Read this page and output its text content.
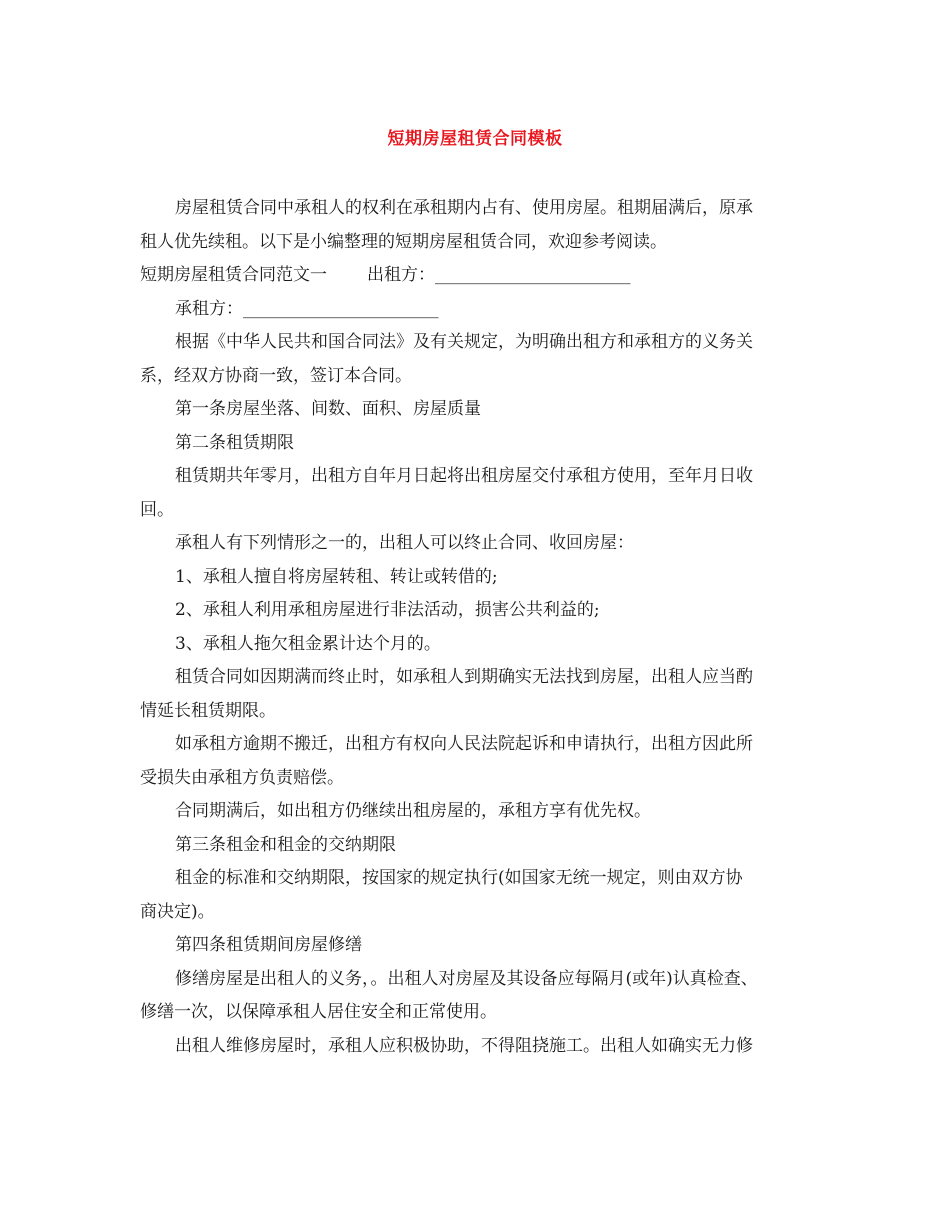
短期房屋租赁合同模板

房屋租赁合同中承租人的权利在承租期内占有、使用房屋。租期届满后，原承

租人优先续租。以下是小编整理的短期房屋租赁合同，欢迎参考阅读。

短期房屋租赁合同范文一 出租方：_______________________

承租方：_______________________

根据《中华人民共和国合同法》及有关规定，为明确出租方和承租方的义务关

系，经双方协商一致，签订本合同。

第一条房屋坐落、间数、面积、房屋质量

第二条租赁期限

租赁期共年零月，出租方自年月日起将出租房屋交付承租方使用，至年月日收

回。

承租人有下列情形之一的，出租人可以终止合同、收回房屋：

1、承租人擅自将房屋转租、转让或转借的;

2、承租人利用承租房屋进行非法活动，损害公共利益的;

3、承租人拖欠租金累计达个月的。

租赁合同如因期满而终止时，如承租人到期确实无法找到房屋，出租人应当酌

情延长租赁期限。

如承租方逾期不搬迁，出租方有权向人民法院起诉和申请执行，出租方因此所

受损失由承租方负责赔偿。

合同期满后，如出租方仍继续出租房屋的，承租方享有优先权。

第三条租金和租金的交纳期限

租金的标准和交纳期限，按国家的规定执行(如国家无统一规定，则由双方协

商决定)。

第四条租赁期间房屋修缮

修缮房屋是出租人的义务，。出租人对房屋及其设备应每隔月(或年)认真检查、

修缮一次，以保障承租人居住安全和正常使用。

出租人维修房屋时，承租人应积极协助，不得阻挠施工。出租人如确实无力修
